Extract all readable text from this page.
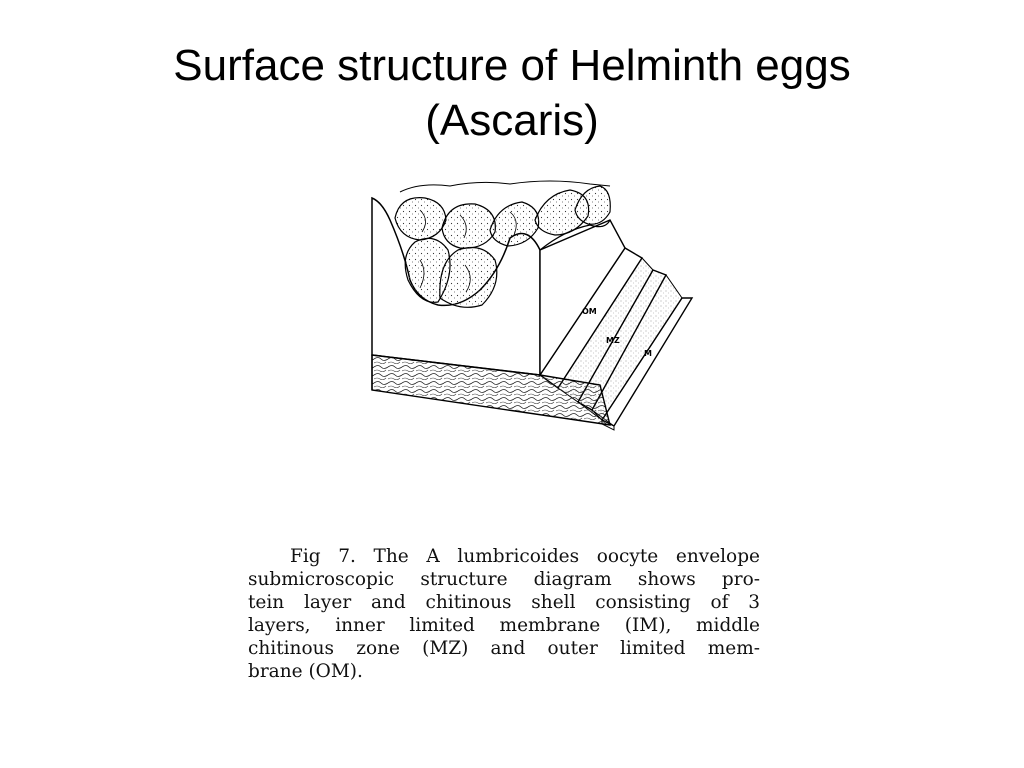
Surface structure of Helminth eggs
(Ascaris)
OM
MZ
M
Fig 7. The A lumbricoides oocyte envelope
submicroscopic structure diagram shows pro-
tein layer and chitinous shell consisting of 3
layers, inner limited membrane (IM), middle
chitinous zone (MZ) and outer limited mem-
brane (OM).
